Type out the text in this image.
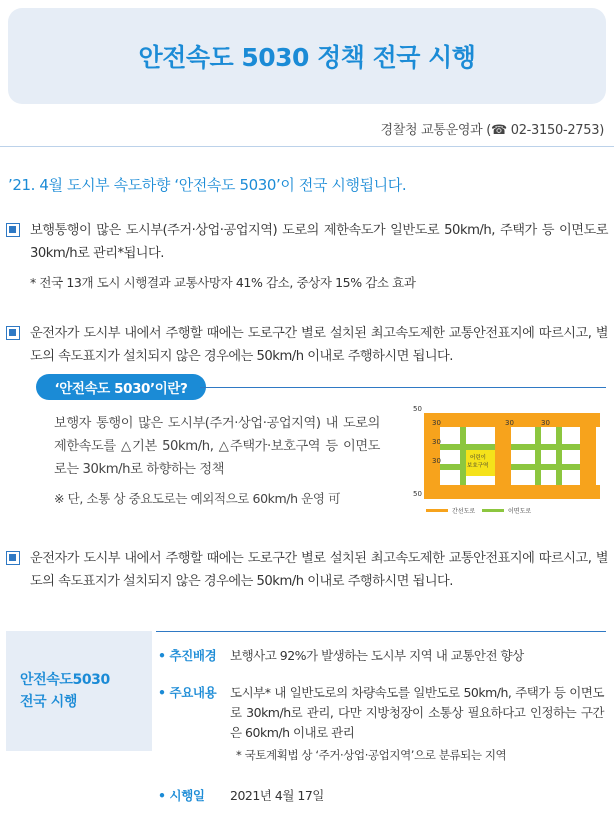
안전속도 5030 정책 전국 시행
경찰청 교통운영과 (☎ 02-3150-2753)
’21. 4월 도시부 속도하향 ‘안전속도 5030’이 전국 시행됩니다.

보행통행이 많은 도시부(주거·상업·공업지역) 도로의 제한속도가 일반도로 50km/h, 주택가 등 이면도로 30km/h로 관리*됩니다.

* 전국 13개 도시 시행결과 교통사망자 41% 감소, 중상자 15% 감소 효과

운전자가 도시부 내에서 주행할 때에는 도로구간 별로 설치된 최고속도제한 교통안전표지에 따르시고, 별도의 속도표지가 설치되지 않은 경우에는 50km/h 이내로 주행하시면 됩니다.

‘안전속도 5030’이란?

보행자 통행이 많은 도시부(주거·상업·공업지역) 내 도로의 제한속도를 △기본 50km/h, △주택가·보호구역 등 이면도로는 30km/h로 하향하는 정책

※ 단, 소통 상 중요도로는 예외적으로 60km/h 운영 可

50
50
30
30
30
30	30
어린이
보호구역
간선도로	이면도로

운전자가 도시부 내에서 주행할 때에는 도로구간 별로 설치된 최고속도제한 교통안전표지에 따르시고, 별도의 속도표지가 설치되지 않은 경우에는 50km/h 이내로 주행하시면 됩니다.

안전속도5030
전국 시행
• 추진배경	보행사고 92%가 발생하는 도시부 지역 내 교통안전 향상
• 주요내용	도시부* 내 일반도로의 차량속도를 일반도로 50km/h, 주택가 등 이면도로 30km/h로 관리, 다만 지방청장이 소통상 필요하다고 인정하는 구간은 60km/h 이내로 관리
* 국토계획법 상 ‘주거·상업·공업지역’으로 분류되는 지역
• 시행일	2021년 4월 17일
